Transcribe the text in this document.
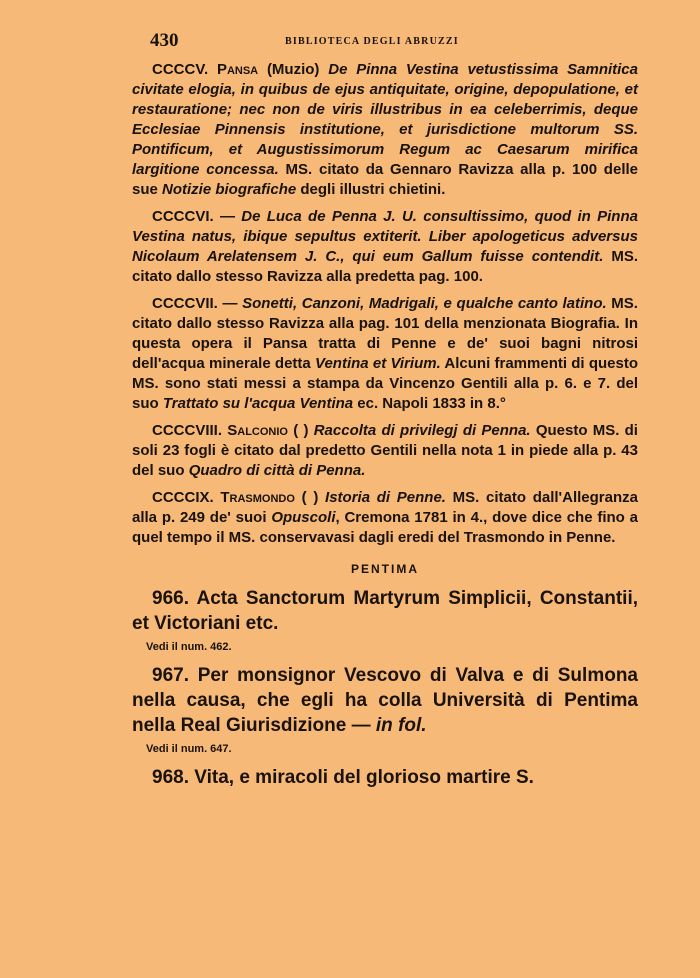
430	BIBLIOTECA DEGLI ABRUZZI

CCCCV. Pansa (Muzio) De Pinna Vestina vetustissima Samnitica civitate elogia, in quibus de ejus antiquitate, origine, depopulatione, et restauratione; nec non de viris illustribus in ea celeberrimis, deque Ecclesiae Pinnensis institutione, et jurisdictione multorum SS. Pontificum, et Augustissimorum Regum ac Caesarum mirifica largitione concessa. MS. citato da Gennaro Ravizza alla p. 100 delle sue Notizie biografiche degli illustri chietini.

CCCCVI. — De Luca de Penna J. U. consultissimo, quod in Pinna Vestina natus, ibique sepultus extiterit. Liber apologeticus adversus Nicolaum Arelatensem J. C., qui eum Gallum fuisse contendit. MS. citato dallo stesso Ravizza alla predetta pag. 100.

CCCCVII. — Sonetti, Canzoni, Madrigali, e qualche canto latino. MS. citato dallo stesso Ravizza alla pag. 101 della menzionata Biografia. In questa opera il Pansa tratta di Penne e de' suoi bagni nitrosi dell'acqua minerale detta Ventina et Virium. Alcuni frammenti di questo MS. sono stati messi a stampa da Vincenzo Gentili alla p. 6. e 7. del suo Trattato su l'acqua Ventina ec. Napoli 1833 in 8.°

CCCCVIII. Salconio ( ) Raccolta di privilegj di Penna. Questo MS. di soli 23 fogli è citato dal predetto Gentili nella nota 1 in piede alla p. 43 del suo Quadro di città di Penna.

CCCCIX. Trasmondo ( ) Istoria di Penne. MS. citato dall'Allegranza alla p. 249 de' suoi Opuscoli, Cremona 1781 in 4., dove dice che fino a quel tempo il MS. conservavasi dagli eredi del Trasmondo in Penne.

PENTIMA

966. Acta Sanctorum Martyrum Simplicii, Constantii, et Victoriani etc.

Vedi il num. 462.

967. Per monsignor Vescovo di Valva e di Sulmona nella causa, che egli ha colla Università di Pentima nella Real Giurisdizione — in fol.

Vedi il num. 647.

968. Vita, e miracoli del glorioso martire S.
